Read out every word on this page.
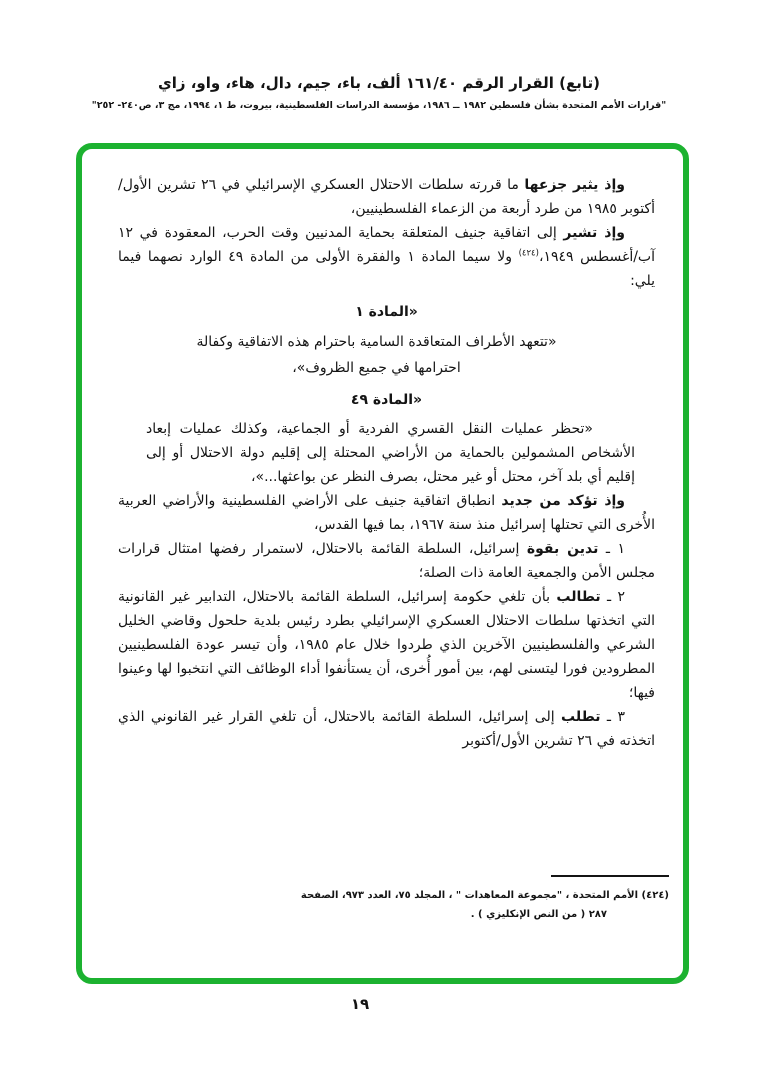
(تابع) القرار الرقم ١٦١/٤٠ ألف، باء، جيم، دال، هاء، واو، زاي
"قرارات الأمم المتحدة بشأن فلسطين ١٩٨٢ ــ ١٩٨٦، مؤسسة الدراسات الفلسطينية، بيروت، ط ١، ١٩٩٤، مج ٣، ص٢٤٠- ٢٥٢"
وإذ يثير جزعها ما قررته سلطات الاحتلال العسكري الإسرائيلي في ٢٦ تشرين الأول/أكتوبر ١٩٨٥ من طرد أربعة من الزعماء الفلسطينيين،
وإذ تشير إلى اتفاقية جنيف المتعلقة بحماية المدنيين وقت الحرب، المعقودة في ١٢ آب/أغسطس ١٩٤٩،$^{(٤٢٤)}$ ولا سيما المادة ١ والفقرة الأولى من المادة ٤٩ الوارد نصهما فيما يلي:
«المادة ١
«تتعهد الأطراف المتعاقدة السامية باحترام هذه الاتفاقية وكفالة احترامها في جميع الظروف»،
«المادة ٤٩
«تحظر عمليات النقل القسري الفردية أو الجماعية، وكذلك عمليات إبعاد الأشخاص المشمولين بالحماية من الأراضي المحتلة إلى إقليم دولة الاحتلال أو إلى إقليم أي بلد آخر، محتل أو غير محتل، بصرف النظر عن بواعثها...»،
وإذ تؤكد من جديد انطباق اتفاقية جنيف على الأراضي الفلسطينية والأراضي العربية الأُخرى التي تحتلها إسرائيل منذ سنة ١٩٦٧، بما فيها القدس،
١ ـ تدين بقوة إسرائيل، السلطة القائمة بالاحتلال، لاستمرار رفضها امتثال قرارات مجلس الأمن والجمعية العامة ذات الصلة؛
٢ ـ تطالب بأن تلغي حكومة إسرائيل، السلطة القائمة بالاحتلال، التدابير غير القانونية التي اتخذتها سلطات الاحتلال العسكري الإسرائيلي بطرد رئيس بلدية حلحول وقاضي الخليل الشرعي والفلسطينيين الآخرين الذي طردوا خلال عام ١٩٨٥، وأن تيسر عودة الفلسطينيين المطرودين فورا ليتسنى لهم، بين أمور أُخرى، أن يستأنفوا أداء الوظائف التي انتخبوا لها وعينوا فيها؛
٣ ـ تطلب إلى إسرائيل، السلطة القائمة بالاحتلال، أن تلغي القرار غير القانوني الذي اتخذته في ٢٦ تشرين الأول/أكتوبر
(٤٢٤) الأمم المتحدة ، "مجموعة المعاهدات " ، المجلد ٧٥، العدد ٩٧٣، الصفحة
٢٨٧ ( من النص الإنكليزي ) .
١٩
